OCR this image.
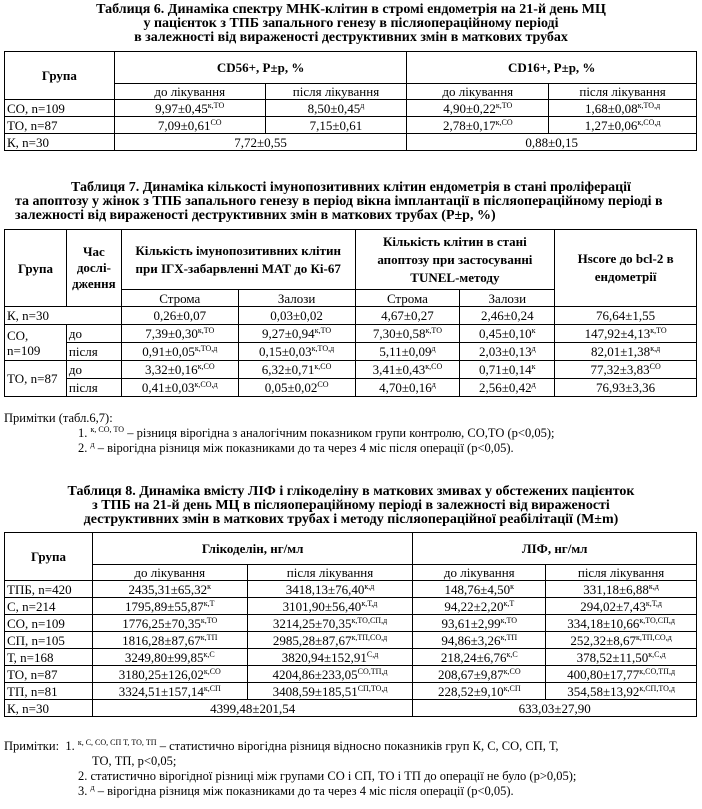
Таблиця 6. Динаміка спектру МНК-клітин в стромі ендометрія на 21-й день МЦ
у пацієнток з ТПБ запального генезу в післяопераційному періоді
в залежності від вираженості деструктивних змін в маткових трубах
Група	CD56+, Р±р, %		CD16+, Р±р, %	
	до лікування	після лікування	до лікування	після лікування
СО, n=109	$9,97\pm 0,45^{к,ТО}$	$8,50\pm 0,45^д$	$4,90\pm 0,22^{к,ТО}$	$1,68\pm 0,08^{к,ТО,д}$
ТО, n=87	$7,09\pm 0,61^{СО}$	7,15±0,61	$2,78\pm 0,17^{к,СО}$	$1,27\pm 0,06^{к,СО,д}$
К, n=30	7,72±0,55		0,88±0,15	
Таблиця 7. Динаміка кількості імунопозитивних клітин ендометрія в стані проліферації
та апоптозу у жінок з ТПБ запального генезу в період вікна імплантації в післяопераційному періоді в залежності від вираженості деструктивних змін в маткових трубах (Р±р, %)
Група	Час дослі-дження	Кількість імунопозитивних клітин при ІГХ-забарвленні МАТ до Кі-67		Кількість клітин в стані апоптозу при застосуванні TUNEL-методу		Hscore до bcl-2 в ендометрії
		Строма	Залози	Строма	Залози	
К, n=30		0,26±0,07	0,03±0,02	4,67±0,27	2,46±0,24	76,64±1,55
СО, n=109	до	$7,39\pm 0,30^{к,ТО}$	$9,27\pm 0,94^{к,ТО}$	$7,30\pm 0,58^{к,ТО}$	$0,45\pm 0,10^к$	$147,92\pm 4,13^{к,ТО}$
	після	$0,91\pm 0,05^{к,ТО,д}$	$0,15\pm 0,03^{к,ТО,д}$	$5,11\pm 0,09^д$	$2,03\pm 0,13^д$	$82,01\pm 1,38^{к,д}$
ТО, n=87	до	$3,32\pm 0,16^{к,СО}$	$6,32\pm 0,71^{к,СО}$	$3,41\pm 0,43^{к,СО}$	$0,71\pm 0,14^к$	$77,32\pm 3,83^{СО}$
	після	$0,41\pm 0,03^{к,СО,д}$	$0,05\pm 0,02^{СО}$	$4,70\pm 0,16^д$	$2,56\pm 0,42^д$	76,93±3,36
Примітки (табл.6,7):
1. $^{к, СО, ТО}$ – різниця вірогідна з аналогічним показником групи контролю, СО,ТО (р<0,05);
2. $^д$ – вірогідна різниця між показниками до та через 4 міс після операції (р<0,05).
Таблиця 8. Динаміка вмісту ЛІФ і глікоделіну в маткових змивах у обстежених пацієнток
з ТПБ на 21-й день МЦ в післяопераційному періоді в залежності від вираженості
деструктивних змін в маткових трубах і методу післяопераційної реабілітації (M±m)
Група	Глікоделін, нг/мл		ЛІФ, нг/мл	
	до лікування	після лікування	до лікування	після лікування
ТПБ, n=420	$2435,31\pm 65,32^к$	$3418,13\pm 76,40^{к,д}$	$148,76\pm 4,50^к$	$331,18\pm 6,88^{к,д}$
С, n=214	$1795,89\pm 55,87^{к,Т}$	$3101,90\pm 56,40^{к,Т,д}$	$94,22\pm 2,20^{к,Т}$	$294,02\pm 7,43^{к,Т,д}$
СО, n=109	$1776,25\pm 70,35^{к,ТО}$	$3214,25\pm 70,35^{к,ТО,СП,д}$	$93,61\pm 2,99^{к,ТО}$	$334,18\pm 10,66^{к,ТО,СП,д}$
СП, n=105	$1816,28\pm 87,67^{к,ТП}$	$2985,28\pm 87,67^{к,ТП,СО,д}$	$94,86\pm 3,26^{к,ТП}$	$252,32\pm 8,67^{к,ТП,СО,д}$
Т, n=168	$3249,80\pm 99,85^{к,С}$	$3820,94\pm 152,91^{С,д}$	$218,24\pm 6,76^{к,С}$	$378,52\pm 11,50^{к,С,д}$
ТО, n=87	$3180,25\pm 126,02^{к,СО}$	$4204,86\pm 233,05^{СО,ТП,д}$	$208,67\pm 9,87^{к,СО}$	$400,80\pm 17,77^{к,СО,ТП,д}$
ТП, n=81	$3324,51\pm 157,14^{к,СП}$	$3408,59\pm 185,51^{СП,ТО,д}$	$228,52\pm 9,10^{к,СП}$	$354,58\pm 13,92^{к,СП,ТО,д}$
К, n=30	4399,48±201,54		633,03±27,90	
Примітки: 1. $^{к, С, СО, СП Т, ТО, ТП}$ – статистично вірогідна різниця відносно показників груп К, С, СО, СП, Т,
ТО, ТП, р<0,05;
2. статистично вірогідної різниці між групами СО і СП, ТО і ТП до операції не було (р>0,05);
3. $^д$ – вірогідна різниця між показниками до та через 4 міс після операції (р<0,05).
